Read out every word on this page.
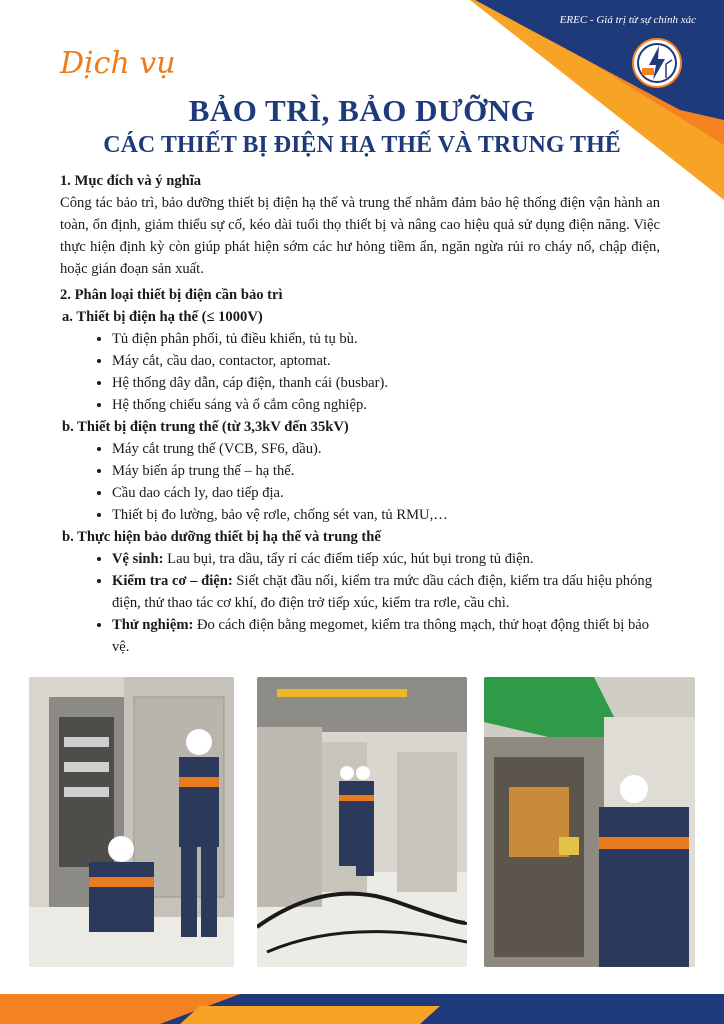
EREC - Giá trị từ sự chính xác
Dịch vụ
BẢO TRÌ, BẢO DƯỠNG
CÁC THIẾT BỊ ĐIỆN HẠ THẾ VÀ TRUNG THẾ
1. Mục đích và ý nghĩa

Công tác bảo trì, bảo dưỡng thiết bị điện hạ thế và trung thế nhằm đảm bảo hệ thống điện vận hành an toàn, ổn định, giảm thiểu sự cố, kéo dài tuổi thọ thiết bị và nâng cao hiệu quả sử dụng điện năng. Việc thực hiện định kỳ còn giúp phát hiện sớm các hư hỏng tiềm ẩn, ngăn ngừa rủi ro cháy nổ, chập điện, hoặc gián đoạn sản xuất.

2. Phân loại thiết bị điện cần bảo trì
a. Thiết bị điện hạ thế (≤ 1000V)
• Tủ điện phân phối, tủ điều khiển, tủ tụ bù.
• Máy cắt, cầu dao, contactor, aptomat.
• Hệ thống dây dẫn, cáp điện, thanh cái (busbar).
• Hệ thống chiếu sáng và ổ cắm công nghiệp.
b. Thiết bị điện trung thế (từ 3,3kV đến 35kV)
• Máy cắt trung thế (VCB, SF6, dầu).
• Máy biến áp trung thế – hạ thế.
• Cầu dao cách ly, dao tiếp địa.
• Thiết bị đo lường, bảo vệ rơle, chống sét van, tủ RMU,…
b. Thực hiện bảo dưỡng thiết bị hạ thế và trung thế
• Vệ sinh: Lau bụi, tra dầu, tẩy rỉ các điểm tiếp xúc, hút bụi trong tủ điện.
• Kiểm tra cơ – điện: Siết chặt đầu nối, kiểm tra mức dầu cách điện, kiểm tra dấu hiệu phóng điện, thử thao tác cơ khí, đo điện trở tiếp xúc, kiểm tra rơle, cầu chì.
• Thử nghiệm: Đo cách điện bằng megomet, kiểm tra thông mạch, thử hoạt động thiết bị bảo vệ.
